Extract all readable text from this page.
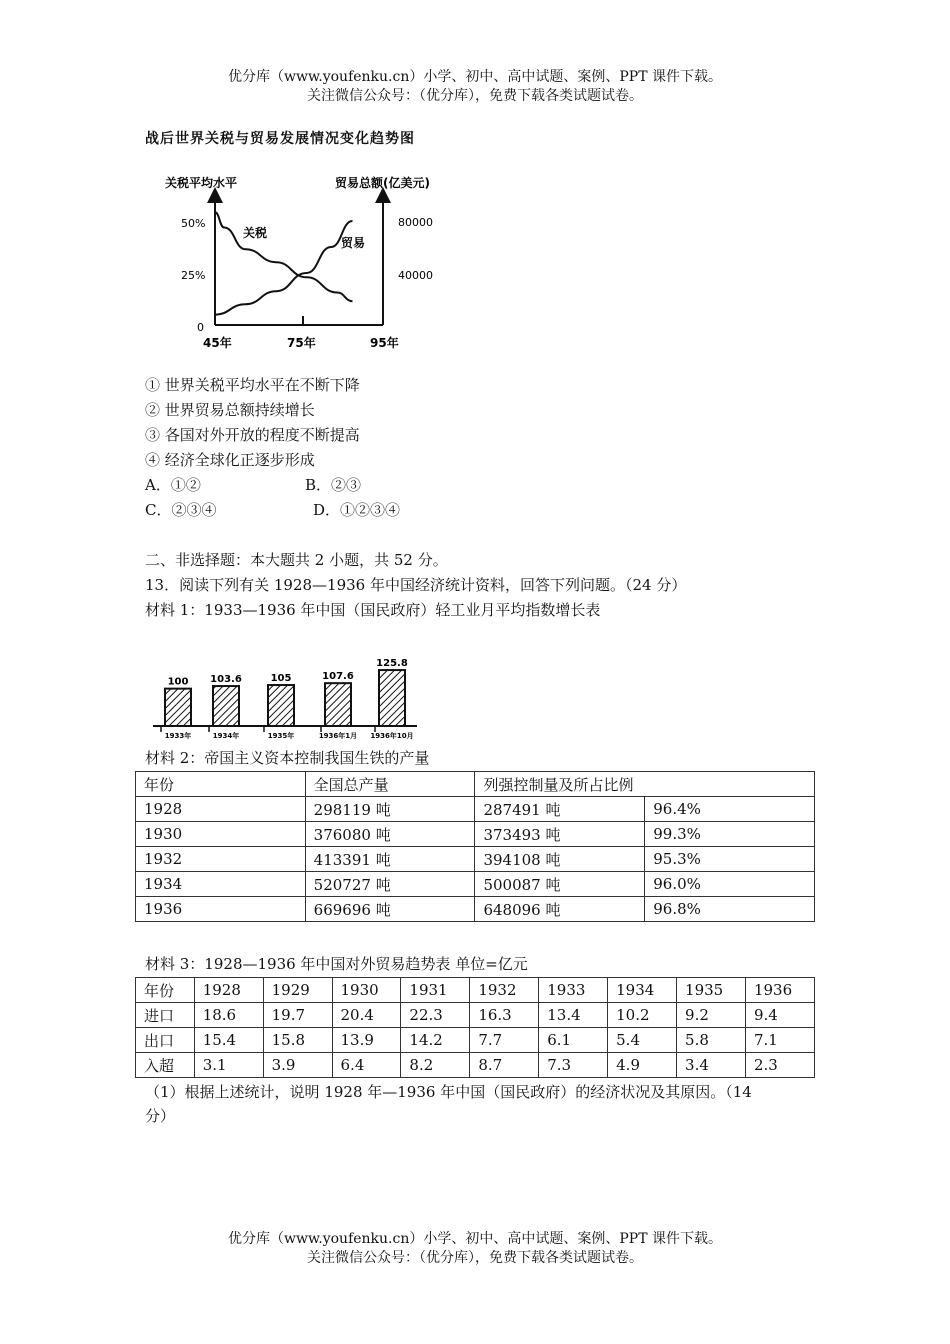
优分库（www.youfenku.cn）小学、初中、高中试题、案例、PPT 课件下载。
关注微信公众号：（优分库），免费下载各类试题试卷。
战后世界关税与贸易发展情况变化趋势图
关税平均水平	贸易总额(亿美元)
50%
25%
0
80000
40000
45年	75年	95年
关税
贸易
① 世界关税平均水平在不断下降
② 世界贸易总额持续增长
③ 各国对外开放的程度不断提高
④ 经济全球化正逐步形成
A．①②	B．②③
C．②③④	D．①②③④
二、非选择题：本大题共 2 小题，共 52 分。
13．阅读下列有关 1928—1936 年中国经济统计资料，回答下列问题。（24 分）
材料 1：1933—1936 年中国（国民政府）轻工业月平均指数增长表
100
1933年
103.6
1934年
105
1935年
107.6
1936年1月
125.8
1936年10月
材料 2：帝国主义资本控制我国生铁的产量
年份	全国总产量	列强控制量及所占比例	
1928	298119 吨	287491 吨	96.4%
1930	376080 吨	373493 吨	99.3%
1932	413391 吨	394108 吨	95.3%
1934	520727 吨	500087 吨	96.0%
1936	669696 吨	648096 吨	96.8%
材料 3：1928—1936 年中国对外贸易趋势表 单位=亿元
年份	1928	1929	1930	1931	1932	1933	1934	1935	1936
进口	18.6	19.7	20.4	22.3	16.3	13.4	10.2	9.2	9.4
出口	15.4	15.8	13.9	14.2	7.7	6.1	5.4	5.8	7.1
入超	3.1	3.9	6.4	8.2	8.7	7.3	4.9	3.4	2.3
（1）根据上述统计，说明 1928 年—1936 年中国（国民政府）的经济状况及其原因。（14
分）
优分库（www.youfenku.cn）小学、初中、高中试题、案例、PPT 课件下载。
关注微信公众号：（优分库），免费下载各类试题试卷。
